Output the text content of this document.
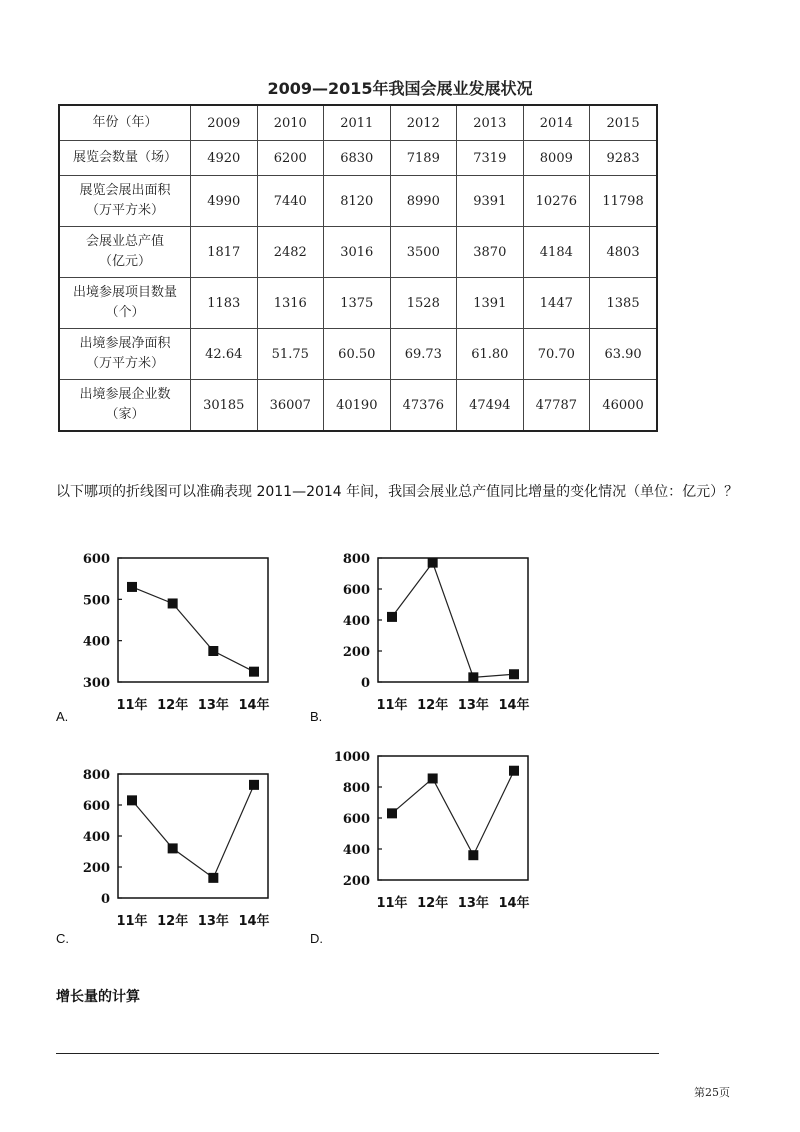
2009—2015年我国会展业发展状况
年份（年）	2009	2010	2011	2012	2013	2014	2015
展览会数量（场）	4920	6200	6830	7189	7319	8009	9283
展览会展出面积
（万平方米）	4990	7440	8120	8990	9391	10276	11798
会展业总产值
（亿元）	1817	2482	3016	3500	3870	4184	4803
出境参展项目数量
（个）	1183	1316	1375	1528	1391	1447	1385
出境参展净面积
（万平方米）	42.64	51.75	60.50	69.73	61.80	70.70	63.90
出境参展企业数
（家）	30185	36007	40190	47376	47494	47787	46000
以下哪项的折线图可以准确表现 2011—2014 年间，我国会展业总产值同比增量的变化情况（单位：亿元）？
300
400
500
600
11年 12年 13年 14年
0
200
400
600
800
11年 12年 13年 14年
0
200
400
600
800
11年 12年 13年 14年
200
400
600
800
1000
11年 12年 13年 14年
A.	B.
C.	D.
增长量的计算
第25页
